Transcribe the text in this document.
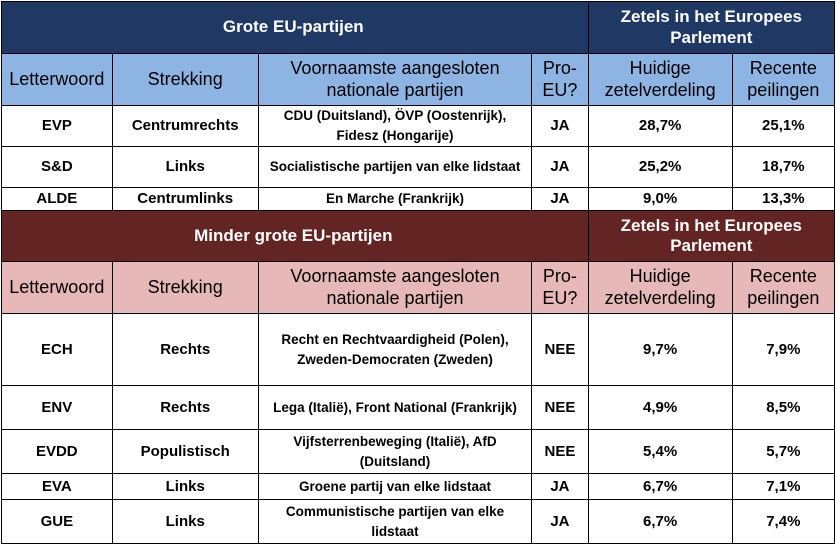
Grote EU-partijen				Zetels in het Europees Parlement	
Letterwoord	Strekking	Voornaamste aangesloten nationale partijen	Pro-EU?	Huidige zetelverdeling	Recente peilingen
EVP	Centrumrechts	CDU (Duitsland), ÖVP (Oostenrijk), Fidesz (Hongarije)	JA	28,7%	25,1%
S&D	Links	Socialistische partijen van elke lidstaat	JA	25,2%	18,7%
ALDE	Centrumlinks	En Marche (Frankrijk)	JA	9,0%	13,3%
Minder grote EU-partijen				Zetels in het Europees Parlement	
Letterwoord	Strekking	Voornaamste aangesloten nationale partijen	Pro-EU?	Huidige zetelverdeling	Recente peilingen
ECH	Rechts	Recht en Rechtvaardigheid (Polen), Zweden-Democraten (Zweden)	NEE	9,7%	7,9%
ENV	Rechts	Lega (Italië), Front National (Frankrijk)	NEE	4,9%	8,5%
EVDD	Populistisch	Vijfsterrenbeweging (Italië), AfD (Duitsland)	NEE	5,4%	5,7%
EVA	Links	Groene partij van elke lidstaat	JA	6,7%	7,1%
GUE	Links	Communistische partijen van elke lidstaat	JA	6,7%	7,4%
